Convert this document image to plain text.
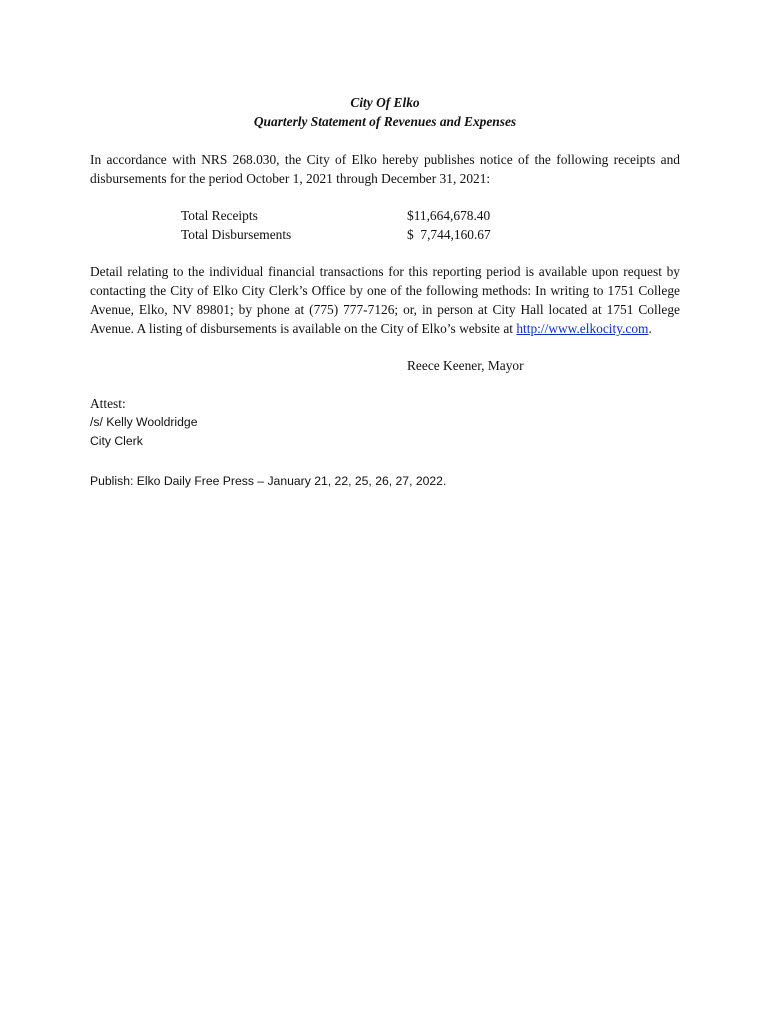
City Of Elko
Quarterly Statement of Revenues and Expenses
In accordance with NRS 268.030, the City of Elko hereby publishes notice of the following receipts and
disbursements for the period October 1, 2021 through December 31, 2021:
Total Receipts	$11,664,678.40
Total Disbursements	$  7,744,160.67
Detail relating to the individual financial transactions for this reporting period is available upon request by
contacting the City of Elko City Clerk’s Office by one of the following methods: In writing to 1751 College
Avenue, Elko, NV 89801; by phone at (775) 777-7126; or, in person at City Hall located at 1751 College
Avenue. A listing of disbursements is available on the City of Elko’s website at http://www.elkocity.com.
Reece Keener, Mayor
Attest:
/s/ Kelly Wooldridge
City Clerk
Publish: Elko Daily Free Press – January 21, 22, 25, 26, 27, 2022.
